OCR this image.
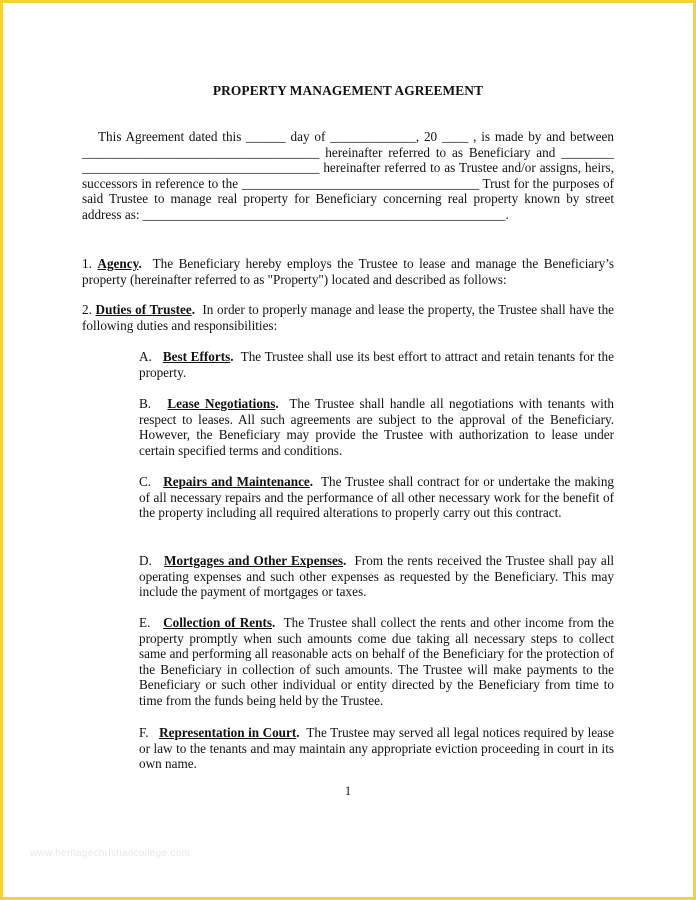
PROPERTY MANAGEMENT AGREEMENT
This Agreement dated this ______ day of _____________, 20 ____ , is made by and between ____________________________________ hereinafter referred to as Beneficiary and ________ ____________________________________ hereinafter referred to as Trustee and/or assigns, heirs, successors in reference to the ____________________________________ Trust for the purposes of said Trustee to manage real property for Beneficiary concerning real property known by street address as: _______________________________________________________.
1. Agency. The Beneficiary hereby employs the Trustee to lease and manage the Beneficiary’s property (hereinafter referred to as "Property") located and described as follows:
2. Duties of Trustee. In order to properly manage and lease the property, the Trustee shall have the following duties and responsibilities:
A. Best Efforts. The Trustee shall use its best effort to attract and retain tenants for the property.
B. Lease Negotiations. The Trustee shall handle all negotiations with tenants with respect to leases. All such agreements are subject to the approval of the Beneficiary. However, the Beneficiary may provide the Trustee with authorization to lease under certain specified terms and conditions.
C. Repairs and Maintenance. The Trustee shall contract for or undertake the making of all necessary repairs and the performance of all other necessary work for the benefit of the property including all required alterations to properly carry out this contract.
D. Mortgages and Other Expenses. From the rents received the Trustee shall pay all operating expenses and such other expenses as requested by the Beneficiary. This may include the payment of mortgages or taxes.
E. Collection of Rents. The Trustee shall collect the rents and other income from the property promptly when such amounts come due taking all necessary steps to collect same and performing all reasonable acts on behalf of the Beneficiary for the protection of the Beneficiary in collection of such amounts. The Trustee will make payments to the Beneficiary or such other individual or entity directed by the Beneficiary from time to time from the funds being held by the Trustee.
F. Representation in Court. The Trustee may served all legal notices required by lease or law to the tenants and may maintain any appropriate eviction proceeding in court in its own name.
1
www.heritagechristiancollege.com
